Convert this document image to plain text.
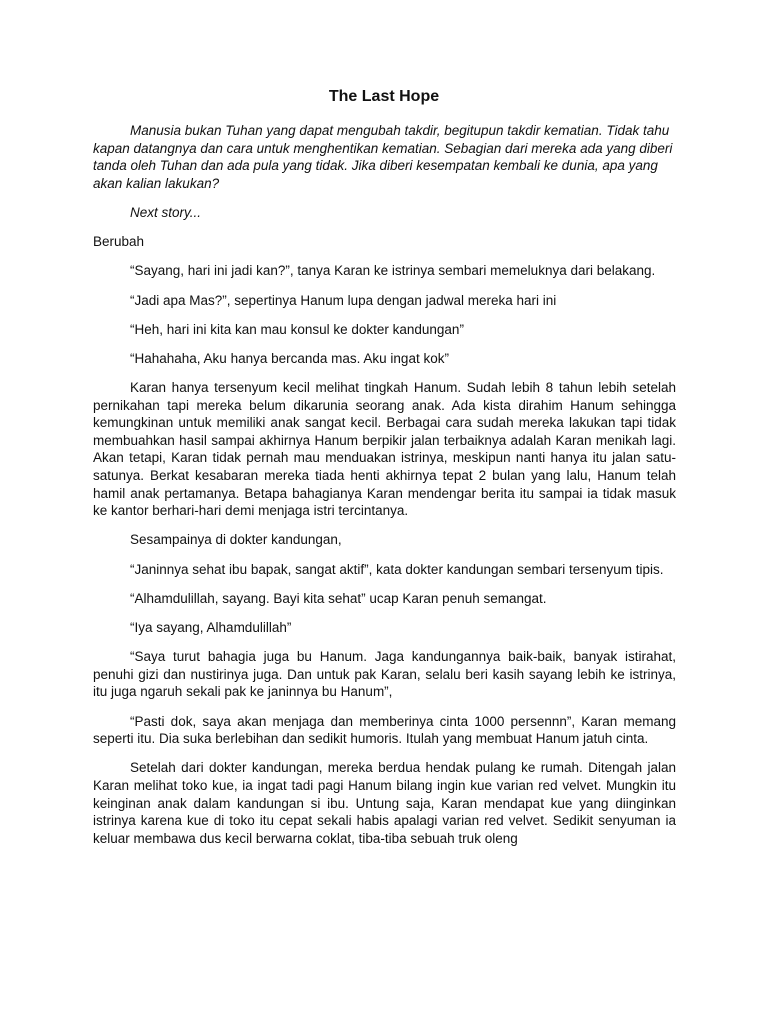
The Last Hope

Manusia bukan Tuhan yang dapat mengubah takdir, begitupun takdir kematian. Tidak tahu kapan datangnya dan cara untuk menghentikan kematian. Sebagian dari mereka ada yang diberi tanda oleh Tuhan dan ada pula yang tidak. Jika diberi kesempatan kembali ke dunia, apa yang akan kalian lakukan?

Next story...

Berubah

“Sayang, hari ini jadi kan?”, tanya Karan ke istrinya sembari memeluknya dari belakang.

“Jadi apa Mas?”, sepertinya Hanum lupa dengan jadwal mereka hari ini

“Heh, hari ini kita kan mau konsul ke dokter kandungan”

“Hahahaha, Aku hanya bercanda mas. Aku ingat kok”

Karan hanya tersenyum kecil melihat tingkah Hanum. Sudah lebih 8 tahun lebih setelah pernikahan tapi mereka belum dikarunia seorang anak. Ada kista dirahim Hanum sehingga kemungkinan untuk memiliki anak sangat kecil. Berbagai cara sudah mereka lakukan tapi tidak membuahkan hasil sampai akhirnya Hanum berpikir jalan terbaiknya adalah Karan menikah lagi. Akan tetapi, Karan tidak pernah mau menduakan istrinya, meskipun nanti hanya itu jalan satu-satunya. Berkat kesabaran mereka tiada henti akhirnya tepat 2 bulan yang lalu, Hanum telah hamil anak pertamanya. Betapa bahagianya Karan mendengar berita itu sampai ia tidak masuk ke kantor berhari-hari demi menjaga istri tercintanya.

Sesampainya di dokter kandungan,

“Janinnya sehat ibu bapak, sangat aktif”, kata dokter kandungan sembari tersenyum tipis.

“Alhamdulillah, sayang. Bayi kita sehat” ucap Karan penuh semangat.

“Iya sayang, Alhamdulillah”

“Saya turut bahagia juga bu Hanum. Jaga kandungannya baik-baik, banyak istirahat, penuhi gizi dan nustirinya juga. Dan untuk pak Karan, selalu beri kasih sayang lebih ke istrinya, itu juga ngaruh sekali pak ke janinnya bu Hanum”,

“Pasti dok, saya akan menjaga dan memberinya cinta 1000 persennn”, Karan memang seperti itu. Dia suka berlebihan dan sedikit humoris. Itulah yang membuat Hanum jatuh cinta.

Setelah dari dokter kandungan, mereka berdua hendak pulang ke rumah. Ditengah jalan Karan melihat toko kue, ia ingat tadi pagi Hanum bilang ingin kue varian red velvet. Mungkin itu keinginan anak dalam kandungan si ibu. Untung saja, Karan mendapat kue yang diinginkan istrinya karena kue di toko itu cepat sekali habis apalagi varian red velvet. Sedikit senyuman ia keluar membawa dus kecil berwarna coklat, tiba-tiba sebuah truk oleng
